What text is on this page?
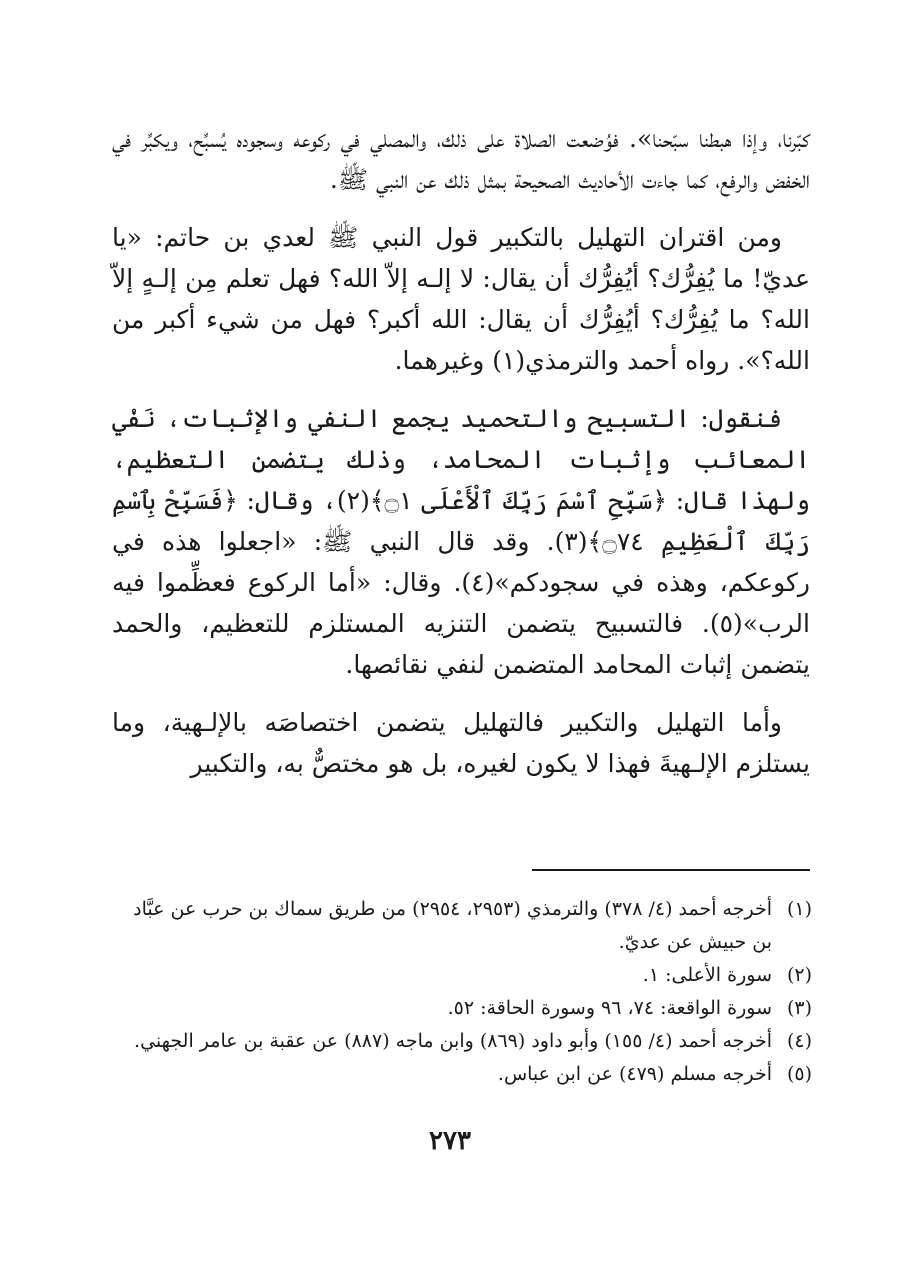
كبّرنا، وإذا هبطنا سبّحنا». فوُضعت الصلاة على ذلك، والمصلي في ركوعه وسجوده يُسبِّح، ويكبِّر في الخفض والرفع، كما جاءت الأحاديث الصحيحة بمثل ذلك عن النبي ﷺ.

ومن اقتران التهليل بالتكبير قول النبي ﷺ لعدي بن حاتم: «يا عديّ! ما يُفِرُّك؟ أيُفِرُّك أن يقال: لا إلـه إلاّ الله؟ فهل تعلم مِن إلـهٍ إلاّ الله؟ ما يُفِرُّك؟ أيُفِرُّك أن يقال: الله أكبر؟ فهل من شيء أكبر من الله؟». رواه أحمد والترمذي(١) وغيرهما.

فنقول: التسبيح والتحميد يجمع النفي والإثبات، نَفْي المعائب وإثبات المحامد، وذلك يتضمن التعظيم، ولهذا قال: ﴿سَبِّحِ ٱسْمَ رَبِّكَ ٱلْأَعْلَى ۝١﴾(٢)، وقال: ﴿فَسَبِّحْ بِٱسْمِ رَبِّكَ ٱلْعَظِيمِ ۝٧٤﴾(٣). وقد قال النبي ﷺ: «اجعلوا هذه في ركوعكم، وهذه في سجودكم»(٤). وقال: «أما الركوع فعظِّموا فيه الرب»(٥). فالتسبيح يتضمن التنزيه المستلزم للتعظيم، والحمد يتضمن إثبات المحامد المتضمن لنفي نقائصها.

وأما التهليل والتكبير فالتهليل يتضمن اختصاصَه بالإلـهية، وما يستلزم الإلـهيةَ فهذا لا يكون لغيره، بل هو مختصٌّ به، والتكبير

(١)
أخرجه أحمد (٤/ ٣٧٨) والترمذي (٢٩٥٣، ٢٩٥٤) من طريق سماك بن حرب عن عبَّاد بن حبيش عن عديّ.
(٢)
سورة الأعلى: ١.
(٣)
سورة الواقعة: ٧٤، ٩٦ وسورة الحاقة: ٥٢.
(٤)
أخرجه أحمد (٤/ ١٥٥) وأبو داود (٨٦٩) وابن ماجه (٨٨٧) عن عقبة بن عامر الجهني.
(٥)
أخرجه مسلم (٤٧٩) عن ابن عباس.
٢٧٣
